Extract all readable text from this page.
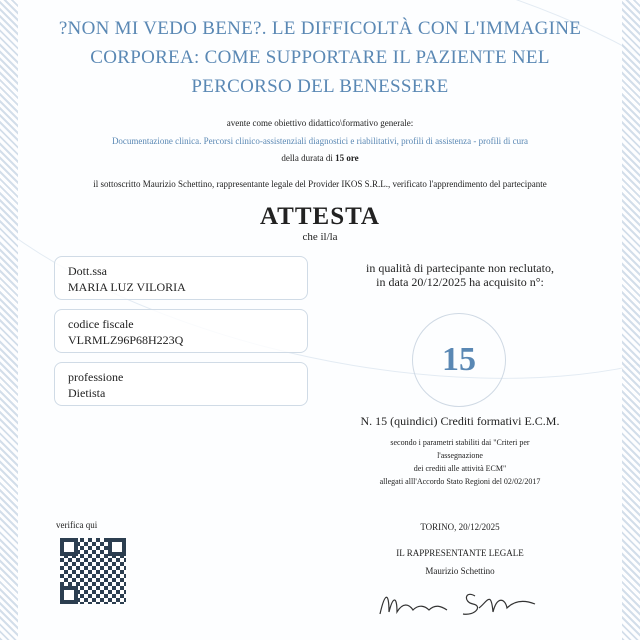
?NON MI VEDO BENE?. LE DIFFICOLTÀ CON L'IMMAGINE CORPOREA: COME SUPPORTARE IL PAZIENTE NEL PERCORSO DEL BENESSERE
avente come obiettivo didattico\formativo generale:
Documentazione clinica. Percorsi clinico-assistenziali diagnostici e riabilitativi, profili di assistenza - profili di cura
della durata di 15 ore
il sottoscritto Maurizio Schettino, rappresentante legale del Provider IKOS S.R.L., verificato l'apprendimento del partecipante
ATTESTA
che il/la
Dott.ssa
MARIA LUZ VILORIA
codice fiscale
VLRMLZ96P68H223Q
professione
Dietista
in qualità di partecipante non reclutato, in data 20/12/2025 ha acquisito n°:
15
N. 15 (quindici) Crediti formativi E.C.M.
secondo i parametri stabiliti dai "Criteri per
l'assegnazione
dei crediti alle attività ECM"
allegati alll'Accordo Stato Regioni del 02/02/2017
verifica qui	TORINO, 20/12/2025
IL RAPPRESENTANTE LEGALE
Maurizio Schettino
